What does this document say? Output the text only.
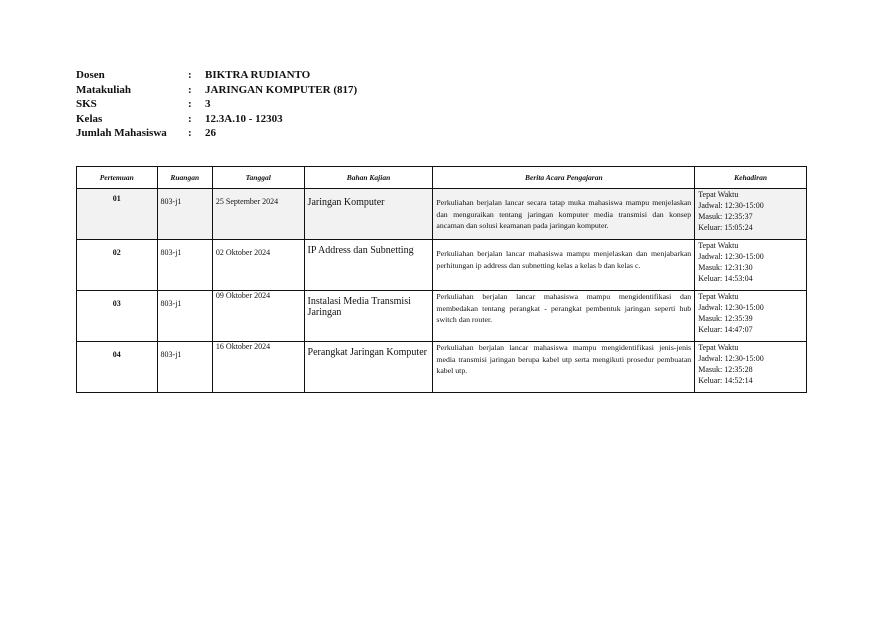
Dosen	:	BIKTRA RUDIANTO
Matakuliah	:	JARINGAN KOMPUTER (817)
SKS	:	3
Kelas	:	12.3A.10 - 12303
Jumlah Mahasiswa	:	26
Pertemuan	Ruangan	Tanggal	Bahan Kajian	Berita Acara Pengajaran	Kehadiran

01	803-j1	25 September 2024	Jaringan Komputer	Perkuliahan berjalan lancar secara tatap muka mahasiswa mampu menjelaskan dan menguraikan tentang jaringan komputer media transmisi dan konsep ancaman dan solusi keamanan pada jaringan komputer.	Tepat Waktu
Jadwal: 12:30-15:00
Masuk: 12:35:37
Keluar: 15:05:24

02	803-j1	02 Oktober 2024	IP Address dan Subnetting	Perkuliahan berjalan lancar mahasiswa mampu menjelaskan dan menjabarkan perhitungan ip address dan subnetting kelas a kelas b dan kelas c.	Tepat Waktu
Jadwal: 12:30-15:00
Masuk: 12:31:30
Keluar: 14:53:04

03	803-j1	09 Oktober 2024	Instalasi Media Transmisi Jaringan	Perkuliahan berjalan lancar mahasiswa mampu mengidentifikasi dan membedakan tentang perangkat - perangkat pembentuk jaringan seperti hub switch dan router.	Tepat Waktu
Jadwal: 12:30-15:00
Masuk: 12:35:39
Keluar: 14:47:07

04	803-j1	16 Oktober 2024	Perangkat Jaringan Komputer	Perkuliahan berjalan lancar mahasiswa mampu mengidentifikasi jenis-jenis media transmisi jaringan berupa kabel utp serta mengikuti prosedur pembuatan kabel utp.	Tepat Waktu
Jadwal: 12:30-15:00
Masuk: 12:35:28
Keluar: 14:52:14
